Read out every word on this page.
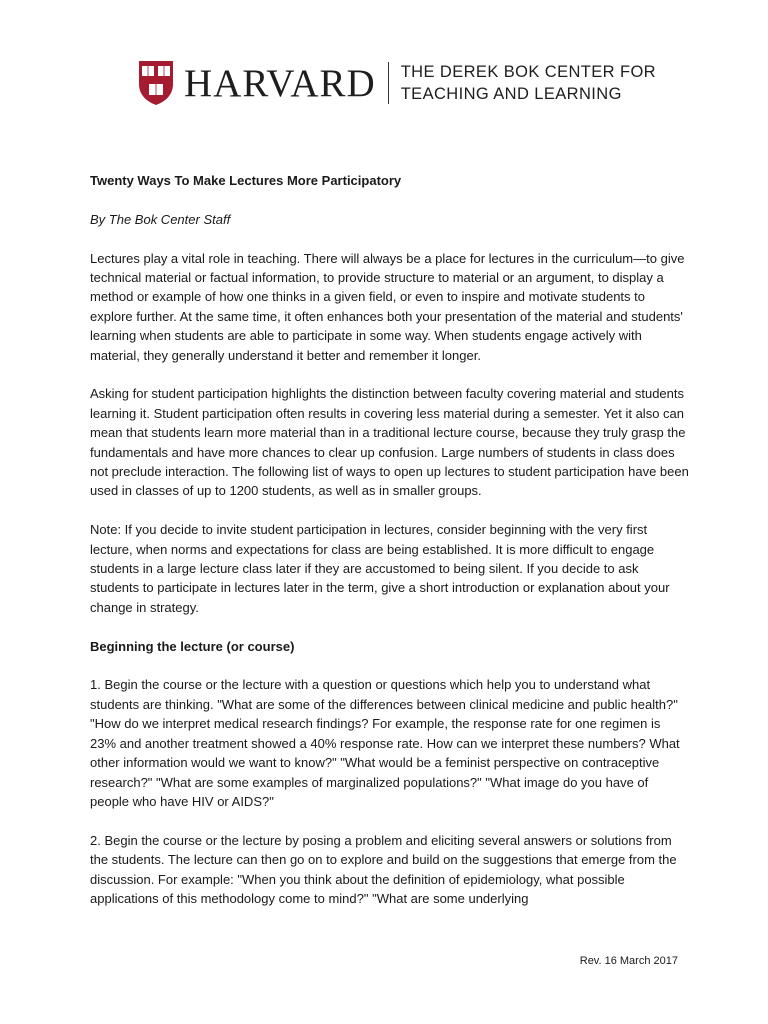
HARVARD THE DEREK BOK CENTER FOR
TEACHING AND LEARNING

Twenty Ways To Make Lectures More Participatory

By The Bok Center Staff

Lectures play a vital role in teaching. There will always be a place for lectures in the curriculum—to give technical material or factual information, to provide structure to material or an argument, to display a method or example of how one thinks in a given field, or even to inspire and motivate students to explore further. At the same time, it often enhances both your presentation of the material and students' learning when students are able to participate in some way. When students engage actively with material, they generally understand it better and remember it longer.

Asking for student participation highlights the distinction between faculty covering material and students learning it. Student participation often results in covering less material during a semester. Yet it also can mean that students learn more material than in a traditional lecture course, because they truly grasp the fundamentals and have more chances to clear up confusion. Large numbers of students in class does not preclude interaction. The following list of ways to open up lectures to student participation have been used in classes of up to 1200 students, as well as in smaller groups.

Note: If you decide to invite student participation in lectures, consider beginning with the very first lecture, when norms and expectations for class are being established. It is more difficult to engage students in a large lecture class later if they are accustomed to being silent. If you decide to ask students to participate in lectures later in the term, give a short introduction or explanation about your change in strategy.

Beginning the lecture (or course)

1. Begin the course or the lecture with a question or questions which help you to understand what students are thinking. "What are some of the differences between clinical medicine and public health?" "How do we interpret medical research findings? For example, the response rate for one regimen is 23% and another treatment showed a 40% response rate. How can we interpret these numbers? What other information would we want to know?" "What would be a feminist perspective on contraceptive research?" "What are some examples of marginalized populations?" "What image do you have of people who have HIV or AIDS?"

2. Begin the course or the lecture by posing a problem and eliciting several answers or solutions from the students. The lecture can then go on to explore and build on the suggestions that emerge from the discussion. For example: "When you think about the definition of epidemiology, what possible applications of this methodology come to mind?" "What are some underlying

Rev. 16 March 2017
